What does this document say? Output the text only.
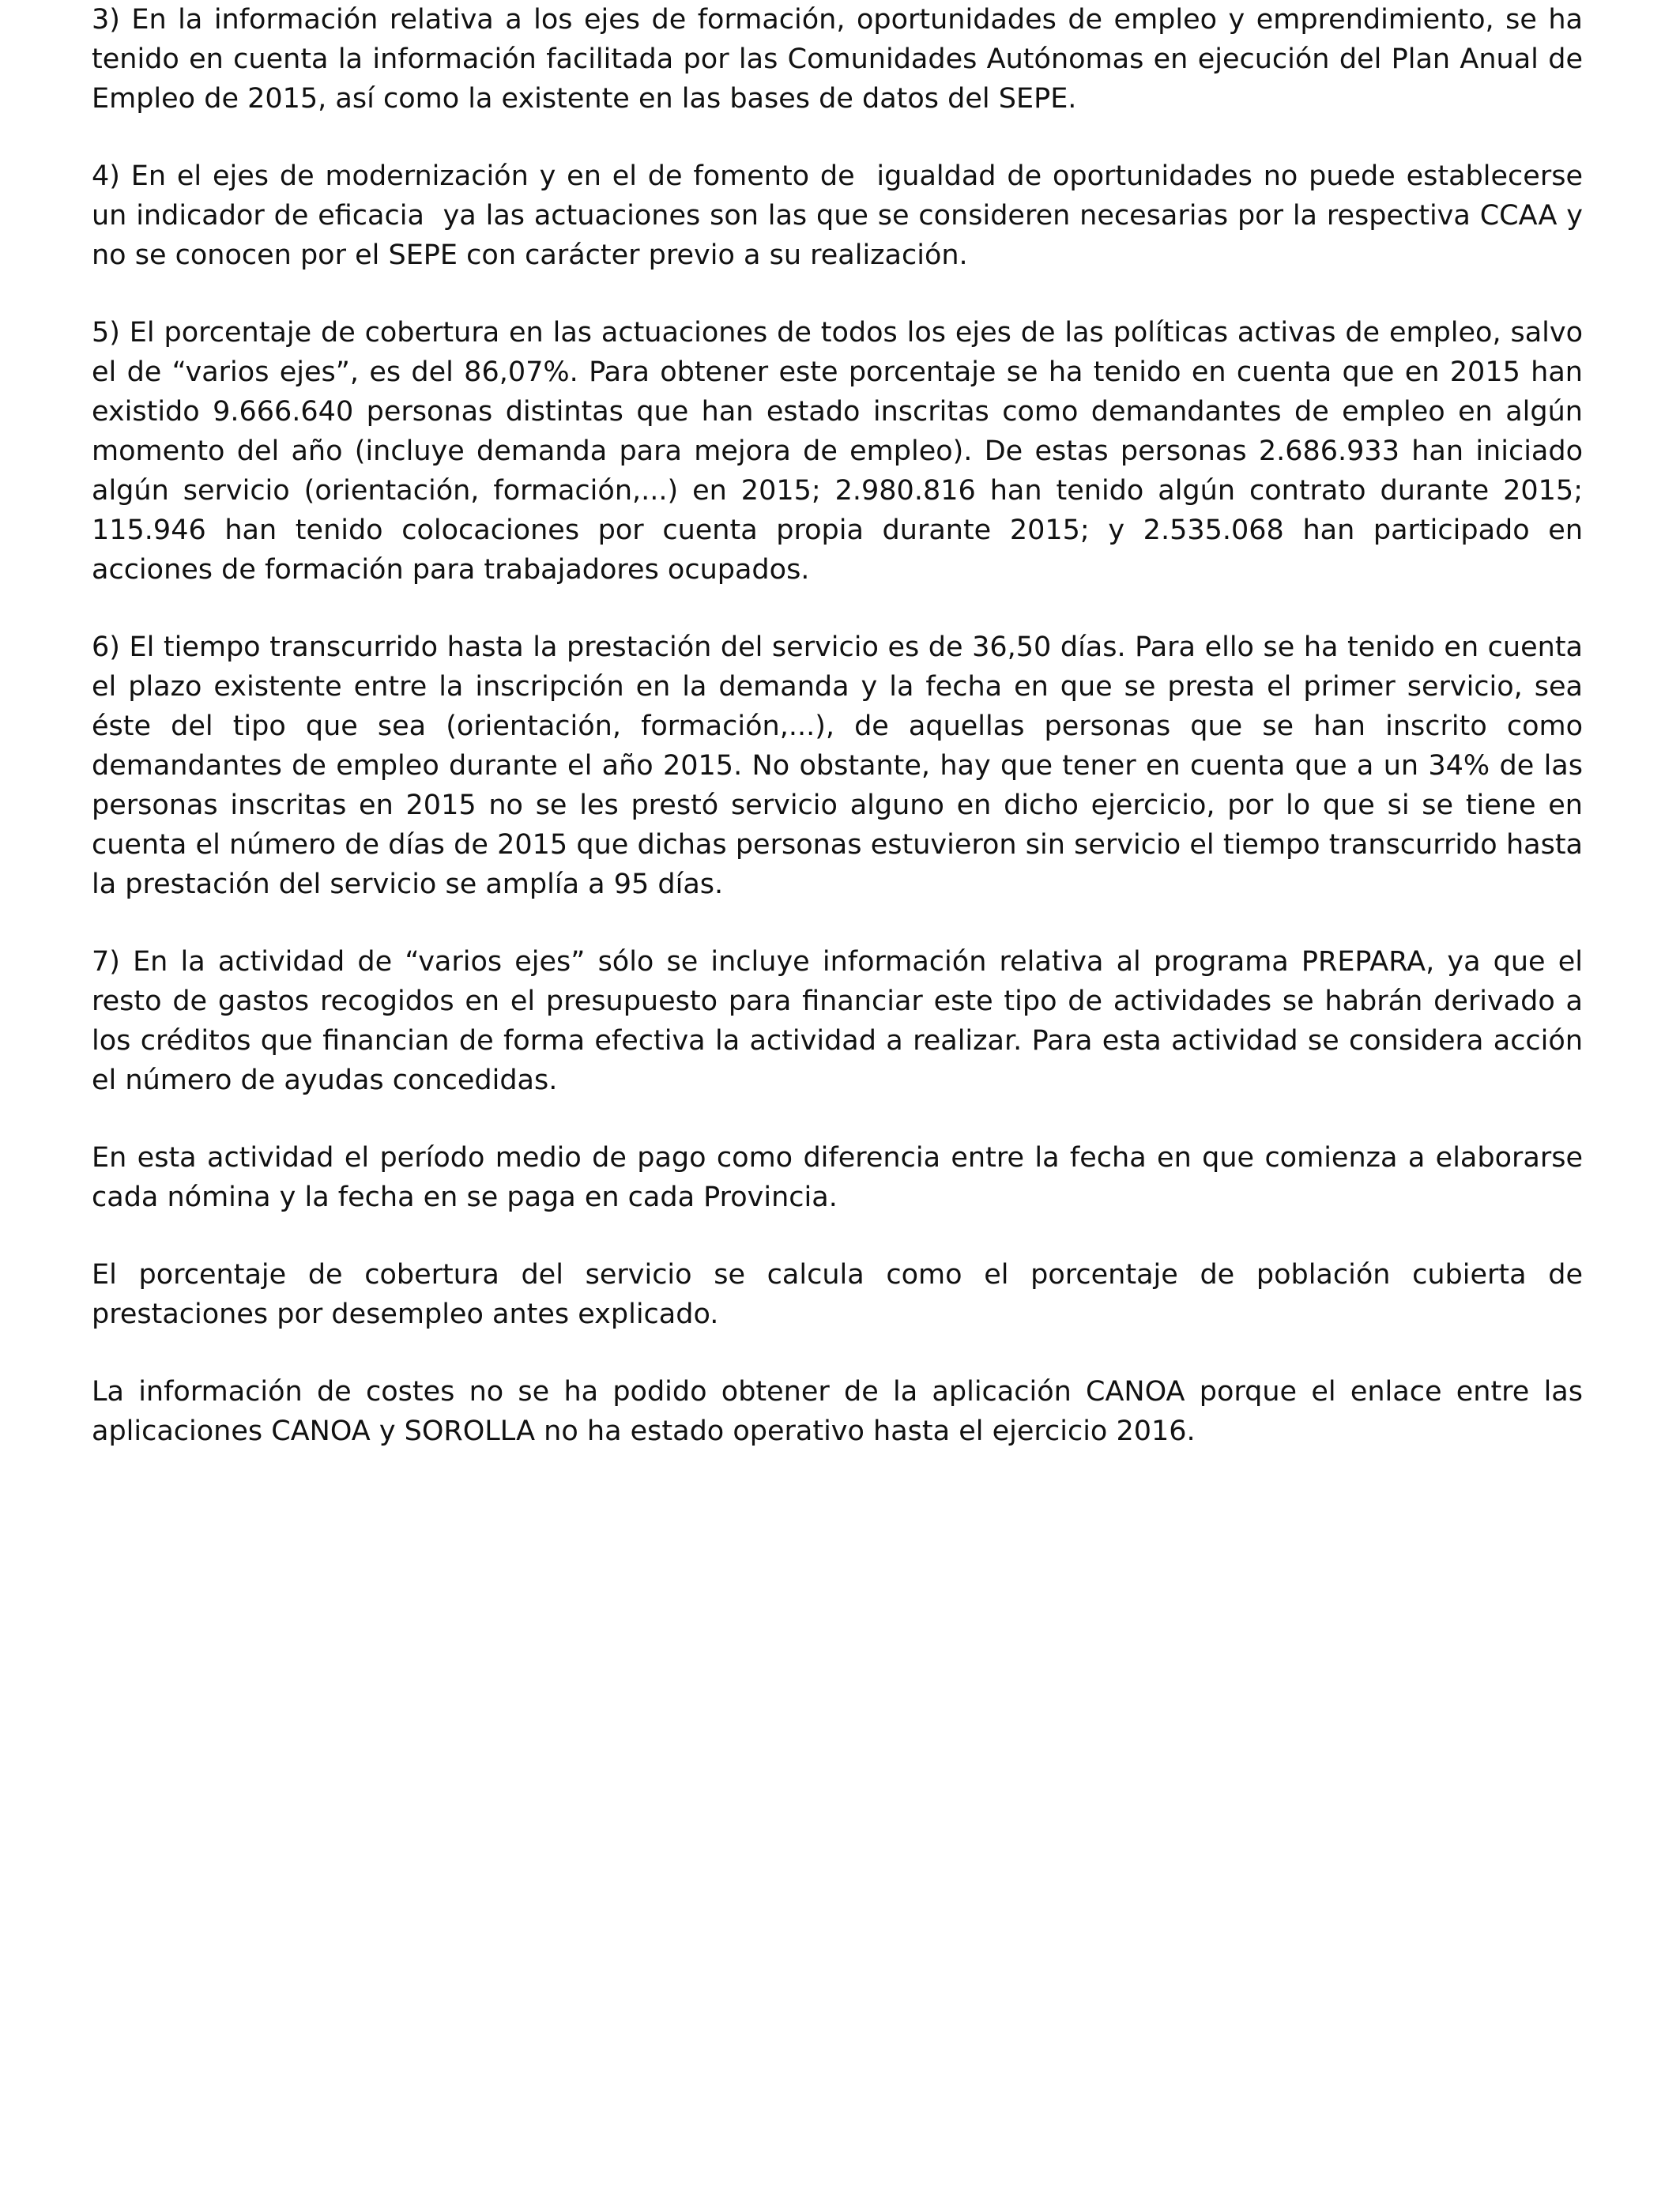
3) En la información relativa a los ejes de formación, oportunidades de empleo y emprendimiento, se ha tenido en cuenta la información facilitada por las Comunidades Autónomas en ejecución del Plan Anual de Empleo de 2015, así como la existente en las bases de datos del SEPE.

4) En el ejes de modernización y en el de fomento de  igualdad de oportunidades no puede establecerse un indicador de eficacia  ya las actuaciones son las que se consideren necesarias por la respectiva CCAA y no se conocen por el SEPE con carácter previo a su realización.

5) El porcentaje de cobertura en las actuaciones de todos los ejes de las políticas activas de empleo, salvo el de “varios ejes”, es del 86,07%. Para obtener este porcentaje se ha tenido en cuenta que en 2015 han existido 9.666.640 personas distintas que han estado inscritas como demandantes de empleo en algún momento del año (incluye demanda para mejora de empleo). De estas personas 2.686.933 han iniciado algún servicio (orientación, formación,...) en 2015; 2.980.816 han tenido algún contrato durante 2015; 115.946 han tenido colocaciones por cuenta propia durante 2015; y 2.535.068 han participado en acciones de formación para trabajadores ocupados.

6) El tiempo transcurrido hasta la prestación del servicio es de 36,50 días. Para ello se ha tenido en cuenta el plazo existente entre la inscripción en la demanda y la fecha en que se presta el primer servicio, sea éste del tipo que sea (orientación, formación,...), de aquellas personas que se han inscrito como demandantes de empleo durante el año 2015. No obstante, hay que tener en cuenta que a un 34% de las personas inscritas en 2015 no se les prestó servicio alguno en dicho ejercicio, por lo que si se tiene en cuenta el número de días de 2015 que dichas personas estuvieron sin servicio el tiempo transcurrido hasta la prestación del servicio se amplía a 95 días.

7) En la actividad de “varios ejes” sólo se incluye información relativa al programa PREPARA, ya que el resto de gastos recogidos en el presupuesto para financiar este tipo de actividades se habrán derivado a los créditos que financian de forma efectiva la actividad a realizar. Para esta actividad se considera acción el número de ayudas concedidas.

En esta actividad el período medio de pago como diferencia entre la fecha en que comienza a elaborarse cada nómina y la fecha en se paga en cada Provincia.

El porcentaje de cobertura del servicio se calcula como el porcentaje de población cubierta de prestaciones por desempleo antes explicado.

La información de costes no se ha podido obtener de la aplicación CANOA porque el enlace entre las aplicaciones CANOA y SOROLLA no ha estado operativo hasta el ejercicio 2016.
